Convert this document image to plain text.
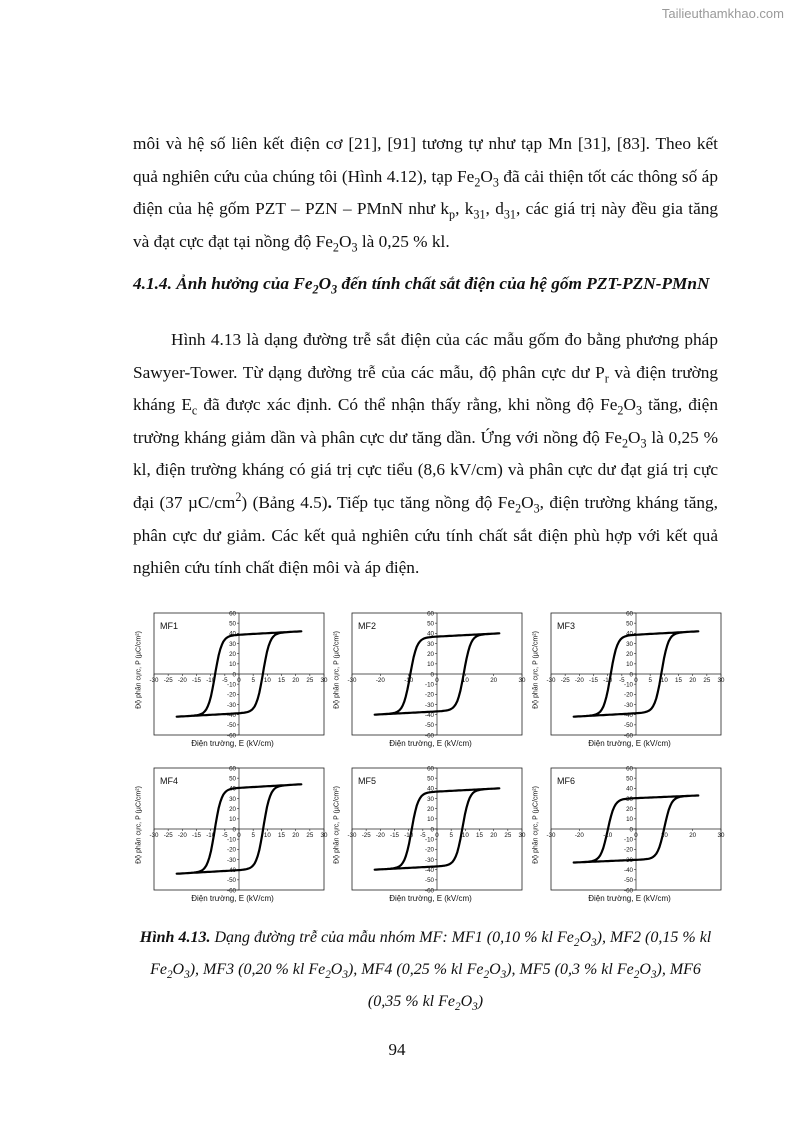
Tailieuthamkhao.com

môi và hệ số liên kết điện cơ [21], [91] tương tự như tạp Mn [31], [83]. Theo kết quả nghiên cứu của chúng tôi (Hình 4.12), tạp $Fe_2O_3$ đã cải thiện tốt các thông số áp điện của hệ gốm PZT – PZN – PMnN như $k_p$, $k_{31}$, $d_{31}$, các giá trị này đều gia tăng và đạt cực đạt tại nồng độ $Fe_2O_3$ là 0,25 % kl.

4.1.4. Ảnh hưởng của $Fe_2O_3$ đến tính chất sắt điện của hệ gốm PZT-PZN-PMnN

Hình 4.13 là dạng đường trễ sắt điện của các mẫu gốm đo bằng phương pháp Sawyer-Tower. Từ dạng đường trễ của các mẫu, độ phân cực dư $P_r$ và điện trường kháng $E_c$ đã được xác định. Có thể nhận thấy rằng, khi nồng độ $Fe_2O_3$ tăng, điện trường kháng giảm dần và phân cực dư tăng dần. Ứng với nồng độ $Fe_2O_3$ là 0,25 % kl, điện trường kháng có giá trị cực tiểu (8,6 kV/cm) và phân cực dư đạt giá trị cực đại (37 $\mu C/cm^2$) (Bảng 4.5). Tiếp tục tăng nồng độ $Fe_2O_3$, điện trường kháng tăng, phân cực dư giảm. Các kết quả nghiên cứu tính chất sắt điện phù hợp với kết quả nghiên cứu tính chất điện môi và áp điện.

Độ phân cực, P (µC/cm²)
60
50
40
30
20
10
0
-10
-20
-30
-40
-50
-60
-30 -25 -20 -15 -10 -5 0 5 10 15 20 25 30
MF1
Điện trường, E (kV/cm)
Độ phân cực, P (µC/cm²)
60
50
40
30
20
10
0
-10
-20
-30
-40
-50
-60
-30	-20	-10	0	10	20	30
MF2
Điện trường, E (kV/cm)
Độ phân cực, P (µC/cm²)
60
50
40
30
20
10
0
-10
-20
-30
-40
-50
-60
-30 -25 -20 -15 -10 -5 0 5 10 15 20 25 30
MF3
Điện trường, E (kV/cm)
Độ phân cực, P (µC/cm²)
60
50
40
30
20
10
0
-10
-20
-30
-40
-50
-60
-30 -25 -20 -15 -10 -5 0 5 10 15 20 25 30
MF4
Điện trường, E (kV/cm)
Độ phân cực, P (µC/cm²)
60
50
40
30
20
10
0
-10
-20
-30
-40
-50
-60
-30 -25 -20 -15 -10 -5 0 5 10 15 20 25 30
MF5
Điện trường, E (kV/cm)
Độ phân cực, P (µC/cm²)
60
50
40
30
20
10
0
-10
-20
-30
-40
-50
-60
-30	-20	-10	0	10	20	30
MF6
Điện trường, E (kV/cm)

Hình 4.13. Dạng đường trễ của mẫu nhóm MF: MF1 (0,10 % kl $Fe_2O_3$), MF2 (0,15 % kl $Fe_2O_3$), MF3 (0,20 % kl $Fe_2O_3$), MF4 (0,25 % kl $Fe_2O_3$), MF5 (0,3 % kl $Fe_2O_3$), MF6 (0,35 % kl $Fe_2O_3$)

94
